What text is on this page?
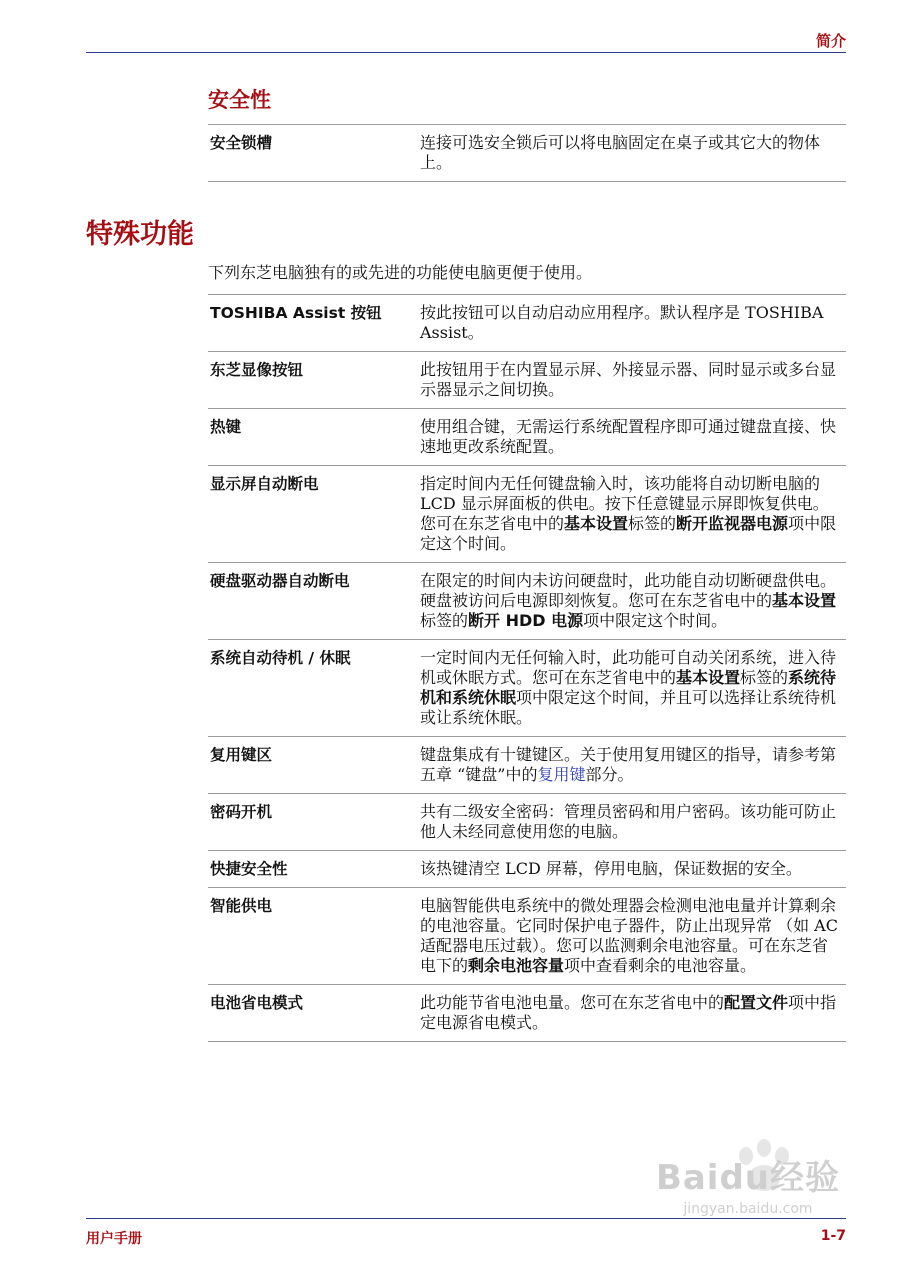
简介
安全性
安全锁槽	连接可选安全锁后可以将电脑固定在桌子或其它大的物体上。
特殊功能
下列东芝电脑独有的或先进的功能使电脑更便于使用。
TOSHIBA Assist 按钮	按此按钮可以自动启动应用程序。默认程序是 TOSHIBA Assist。
东芝显像按钮	此按钮用于在内置显示屏、外接显示器、同时显示或多台显示器显示之间切换。
热键	使用组合键，无需运行系统配置程序即可通过键盘直接、快速地更改系统配置。
显示屏自动断电	指定时间内无任何键盘输入时，该功能将自动切断电脑的 LCD 显示屏面板的供电。按下任意键显示屏即恢复供电。您可在东芝省电中的基本设置标签的断开监视器电源项中限定这个时间。
硬盘驱动器自动断电	在限定的时间内未访问硬盘时，此功能自动切断硬盘供电。硬盘被访问后电源即刻恢复。您可在东芝省电中的基本设置标签的断开 HDD 电源项中限定这个时间。
系统自动待机 / 休眠	一定时间内无任何输入时，此功能可自动关闭系统，进入待机或休眠方式。您可在东芝省电中的基本设置标签的系统待机和系统休眠项中限定这个时间，并且可以选择让系统待机或让系统休眠。
复用键区	键盘集成有十键键区。关于使用复用键区的指导，请参考第五章 “键盘”中的复用键部分。
密码开机	共有二级安全密码：管理员密码和用户密码。该功能可防止他人未经同意使用您的电脑。
快捷安全性	该热键清空 LCD 屏幕，停用电脑，保证数据的安全。
智能供电	电脑智能供电系统中的微处理器会检测电池电量并计算剩余的电池容量。它同时保护电子器件，防止出现异常 （如 AC 适配器电压过载）。您可以监测剩余电池容量。可在东芝省电下的剩余电池容量项中查看剩余的电池容量。
电池省电模式	此功能节省电池电量。您可在东芝省电中的配置文件项中指定电源省电模式。
Baidu经验
jingyan.baidu.com
用户手册	1-7
